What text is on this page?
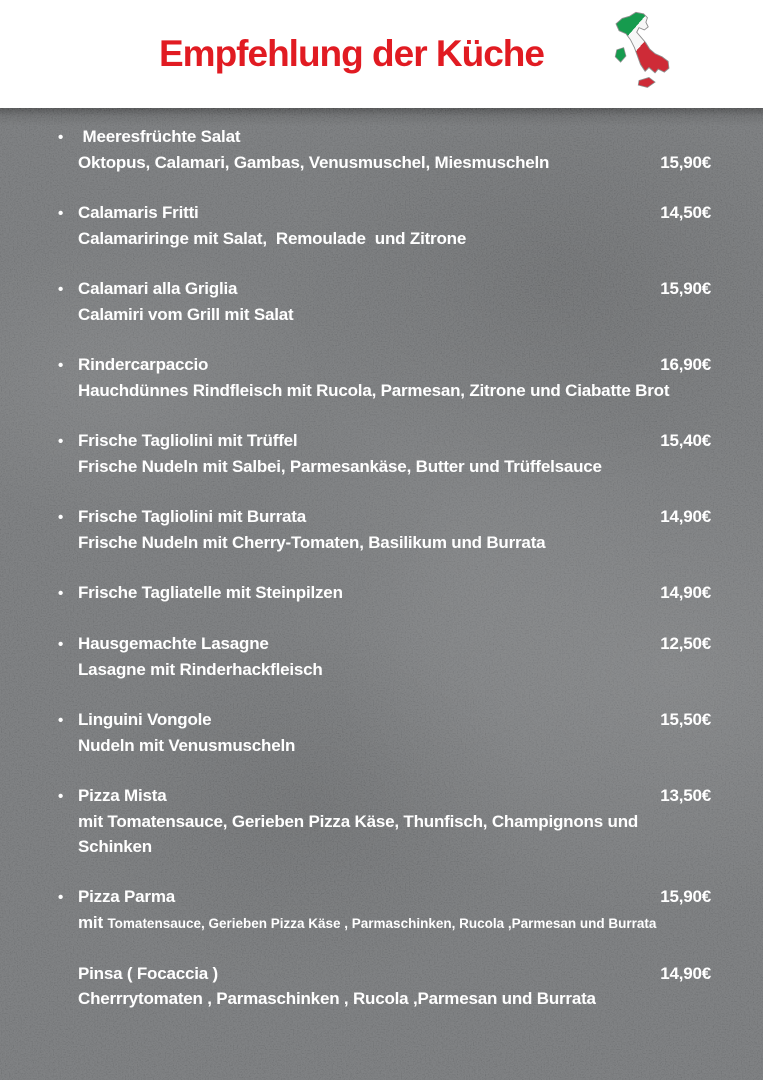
Empfehlung der Küche
• Meeresfrüchte Salat
Oktopus, Calamari, Gambas, Venusmuschel, Miesmuscheln	15,90€
• Calamaris Fritti	14,50€
Calamariringe mit Salat,  Remoulade  und Zitrone
• Calamari alla Griglia	15,90€
Calamiri vom Grill mit Salat
• Rindercarpaccio	16,90€
Hauchdünnes Rindfleisch mit Rucola, Parmesan, Zitrone und Ciabatte Brot
• Frische Tagliolini mit Trüffel	15,40€
Frische Nudeln mit Salbei, Parmesankäse, Butter und Trüffelsauce
• Frische Tagliolini mit Burrata	14,90€
Frische Nudeln mit Cherry-Tomaten, Basilikum und Burrata
• Frische Tagliatelle mit Steinpilzen	14,90€
• Hausgemachte Lasagne	12,50€
Lasagne mit Rinderhackfleisch
• Linguini Vongole	15,50€
Nudeln mit Venusmuscheln
• Pizza Mista	13,50€
mit Tomatensauce, Gerieben Pizza Käse, Thunfisch, Champignons und
Schinken
• Pizza Parma	15,90€
mit Tomatensauce, Gerieben Pizza Käse , Parmaschinken, Rucola ,Parmesan und Burrata
Pinsa ( Focaccia )	14,90€
Cherrrytomaten , Parmaschinken , Rucola ,Parmesan und Burrata
